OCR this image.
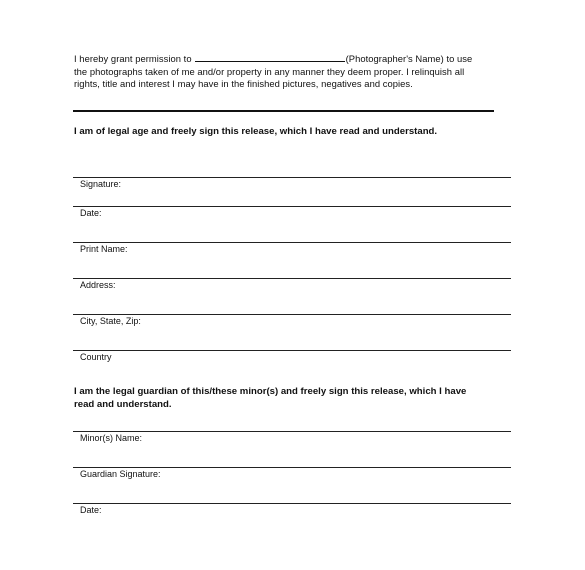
I hereby grant permission to	(Photographer's Name) to use
the photographs taken of me and/or property in any manner they deem proper. I relinquish all
rights, title and interest I may have in the finished pictures, negatives and copies.
I am of legal age and freely sign this release, which I have read and understand.
Signature:
Date:
Print Name:
Address:
City, State, Zip:
Country
I am the legal guardian of this/these minor(s) and freely sign this release, which I have
read and understand.
Minor(s) Name:
Guardian Signature:
Date:
